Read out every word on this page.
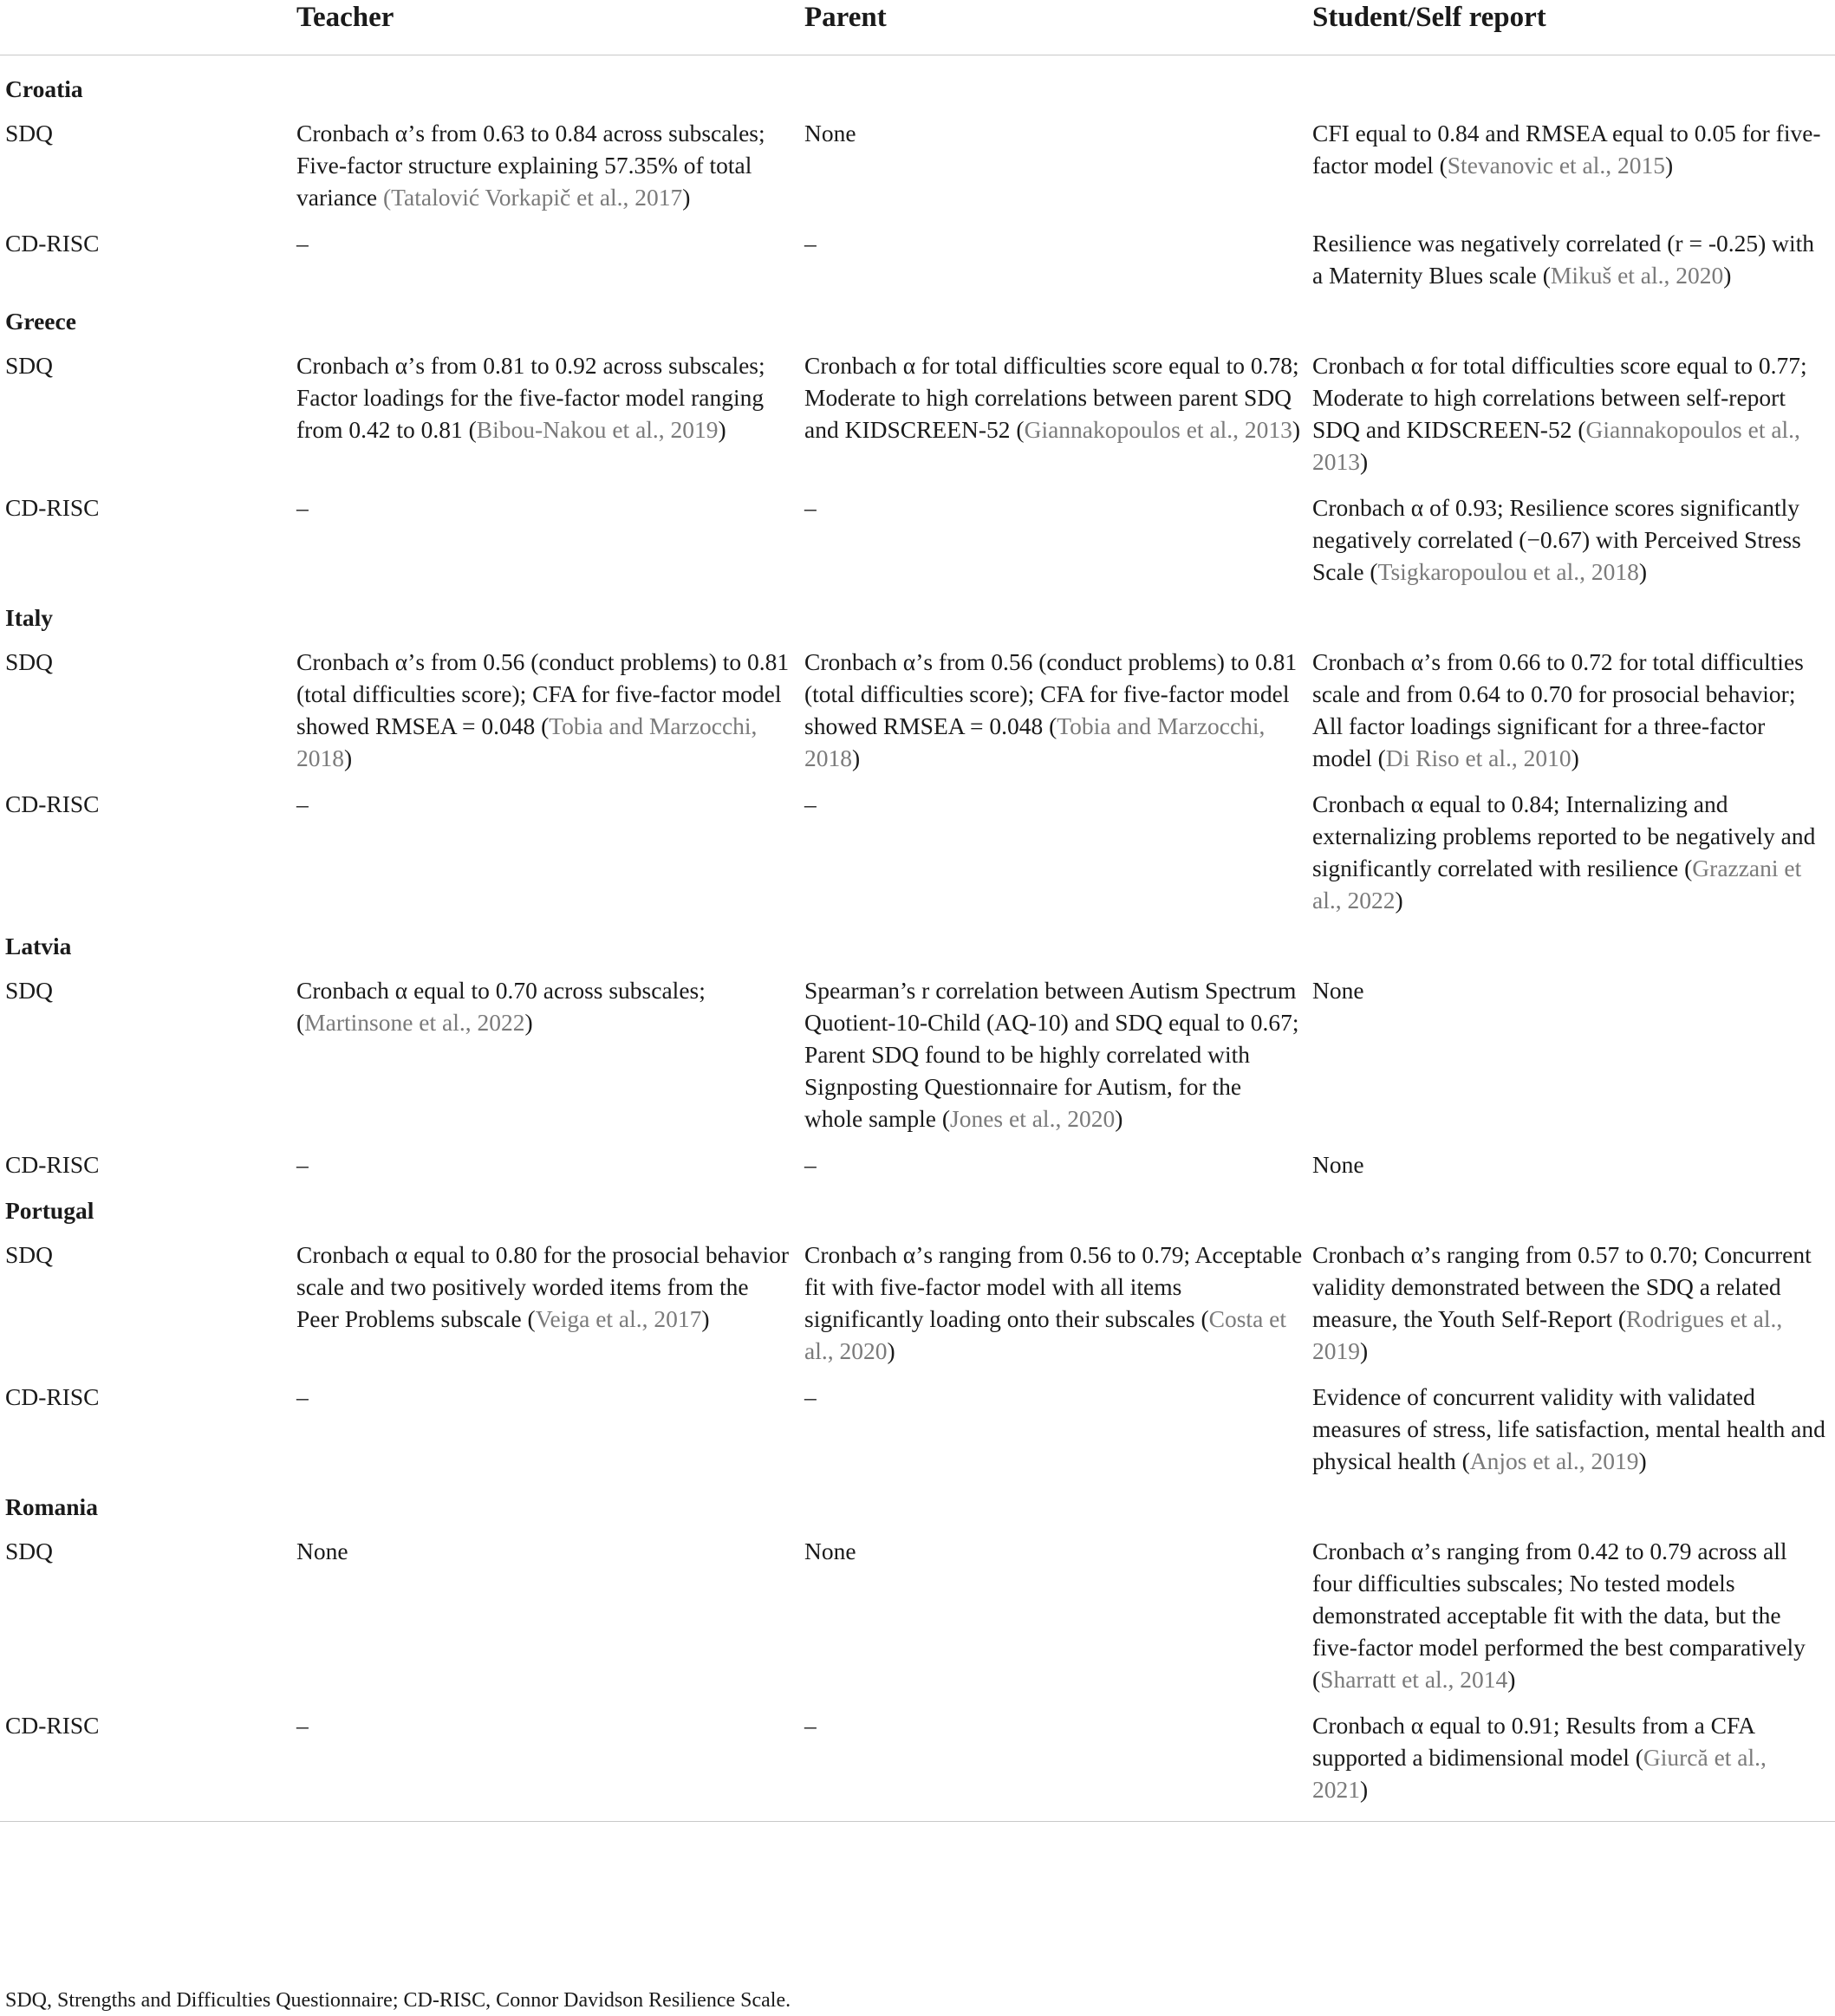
	Teacher	Parent	Student/Self report
Croatia			
SDQ	Cronbach α’s from 0.63 to 0.84 across subscales; Five-factor structure explaining 57.35% of total variance (Tatalović Vorkapič et al., 2017)	None	CFI equal to 0.84 and RMSEA equal to 0.05 for five-factor model (Stevanovic et al., 2015)
CD-RISC	–	–	Resilience was negatively correlated (r = -0.25) with a Maternity Blues scale (Mikuš et al., 2020)
Greece			
SDQ	Cronbach α’s from 0.81 to 0.92 across subscales; Factor loadings for the five-factor model ranging from 0.42 to 0.81 (Bibou-Nakou et al., 2019)	Cronbach α for total difficulties score equal to 0.78; Moderate to high correlations between parent SDQ and KIDSCREEN-52 (Giannakopoulos et al., 2013)	Cronbach α for total difficulties score equal to 0.77; Moderate to high correlations between self-report SDQ and KIDSCREEN-52 (Giannakopoulos et al., 2013)
CD-RISC	–	–	Cronbach α of 0.93; Resilience scores significantly negatively correlated (−0.67) with Perceived Stress Scale (Tsigkaropoulou et al., 2018)
Italy			
SDQ	Cronbach α’s from 0.56 (conduct problems) to 0.81 (total difficulties score); CFA for five-factor model showed RMSEA = 0.048 (Tobia and Marzocchi, 2018)	Cronbach α’s from 0.56 (conduct problems) to 0.81 (total difficulties score); CFA for five-factor model showed RMSEA = 0.048 (Tobia and Marzocchi, 2018)	Cronbach α’s from 0.66 to 0.72 for total difficulties scale and from 0.64 to 0.70 for prosocial behavior; All factor loadings significant for a three-factor model (Di Riso et al., 2010)
CD-RISC	–	–	Cronbach α equal to 0.84; Internalizing and externalizing problems reported to be negatively and significantly correlated with resilience (Grazzani et al., 2022)
Latvia			
SDQ	Cronbach α equal to 0.70 across subscales; (Martinsone et al., 2022)	Spearman’s r correlation between Autism Spectrum Quotient-10-Child (AQ-10) and SDQ equal to 0.67; Parent SDQ found to be highly correlated with Signposting Questionnaire for Autism, for the whole sample (Jones et al., 2020)	None
CD-RISC	–	–	None
Portugal			
SDQ	Cronbach α equal to 0.80 for the prosocial behavior scale and two positively worded items from the Peer Problems subscale (Veiga et al., 2017)	Cronbach α’s ranging from 0.56 to 0.79; Acceptable fit with five-factor model with all items significantly loading onto their subscales (Costa et al., 2020)	Cronbach α’s ranging from 0.57 to 0.70; Concurrent validity demonstrated between the SDQ a related measure, the Youth Self-Report (Rodrigues et al., 2019)
CD-RISC	–	–	Evidence of concurrent validity with validated measures of stress, life satisfaction, mental health and physical health (Anjos et al., 2019)
Romania			
SDQ	None	None	Cronbach α’s ranging from 0.42 to 0.79 across all four difficulties subscales; No tested models demonstrated acceptable fit with the data, but the five-factor model performed the best comparatively (Sharratt et al., 2014)
CD-RISC	–	–	Cronbach α equal to 0.91; Results from a CFA supported a bidimensional model (Giurcă et al., 2021)
SDQ, Strengths and Difficulties Questionnaire; CD-RISC, Connor Davidson Resilience Scale.
